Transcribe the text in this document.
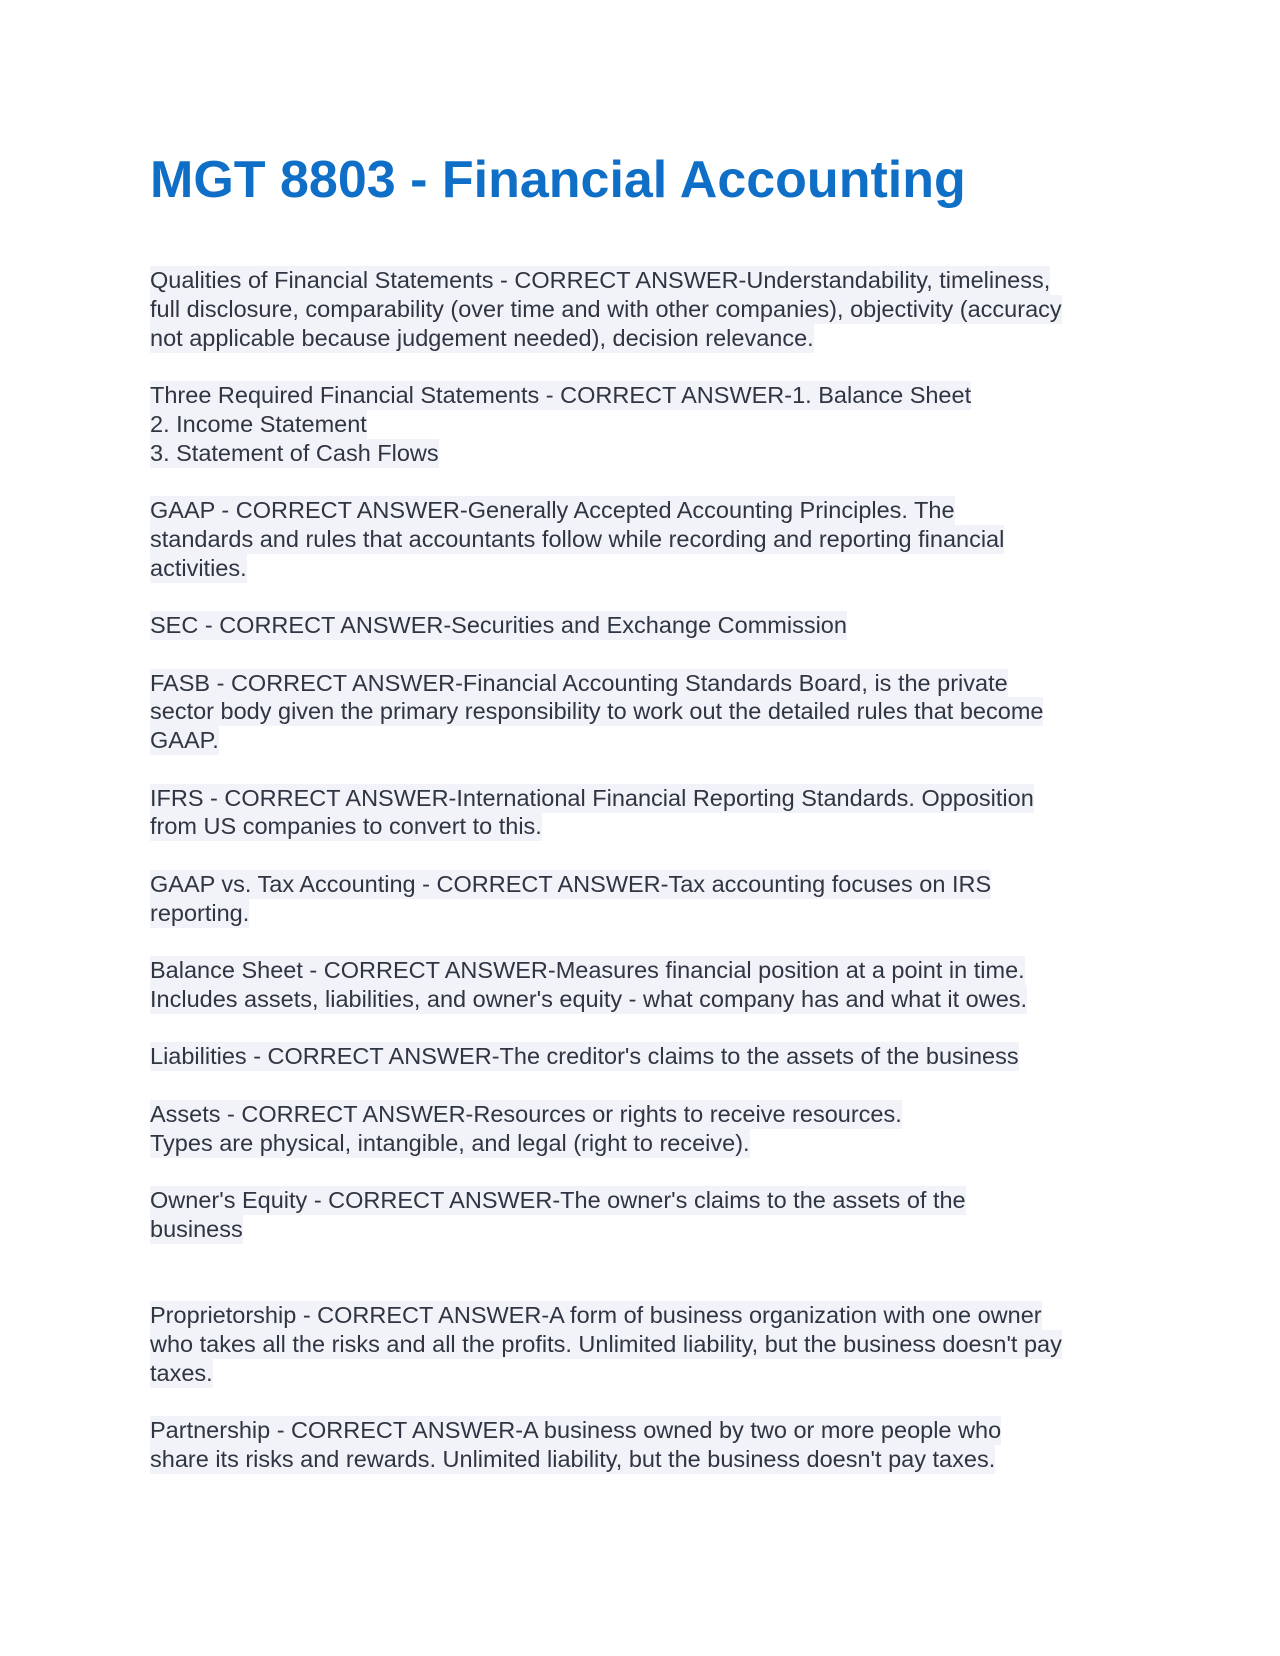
MGT 8803 - Financial Accounting
Qualities of Financial Statements - CORRECT ANSWER-Understandability, timeliness,
full disclosure, comparability (over time and with other companies), objectivity (accuracy
not applicable because judgement needed), decision relevance.
Three Required Financial Statements - CORRECT ANSWER-1. Balance Sheet
2. Income Statement
3. Statement of Cash Flows
GAAP - CORRECT ANSWER-Generally Accepted Accounting Principles. The
standards and rules that accountants follow while recording and reporting financial
activities.
SEC - CORRECT ANSWER-Securities and Exchange Commission
FASB - CORRECT ANSWER-Financial Accounting Standards Board, is the private
sector body given the primary responsibility to work out the detailed rules that become
GAAP.
IFRS - CORRECT ANSWER-International Financial Reporting Standards. Opposition
from US companies to convert to this.
GAAP vs. Tax Accounting - CORRECT ANSWER-Tax accounting focuses on IRS
reporting.
Balance Sheet - CORRECT ANSWER-Measures financial position at a point in time.
Includes assets, liabilities, and owner's equity - what company has and what it owes.
Liabilities - CORRECT ANSWER-The creditor's claims to the assets of the business
Assets - CORRECT ANSWER-Resources or rights to receive resources.
Types are physical, intangible, and legal (right to receive).
Owner's Equity - CORRECT ANSWER-The owner's claims to the assets of the
business
Proprietorship - CORRECT ANSWER-A form of business organization with one owner
who takes all the risks and all the profits. Unlimited liability, but the business doesn't pay
taxes.
Partnership - CORRECT ANSWER-A business owned by two or more people who
share its risks and rewards. Unlimited liability, but the business doesn't pay taxes.
